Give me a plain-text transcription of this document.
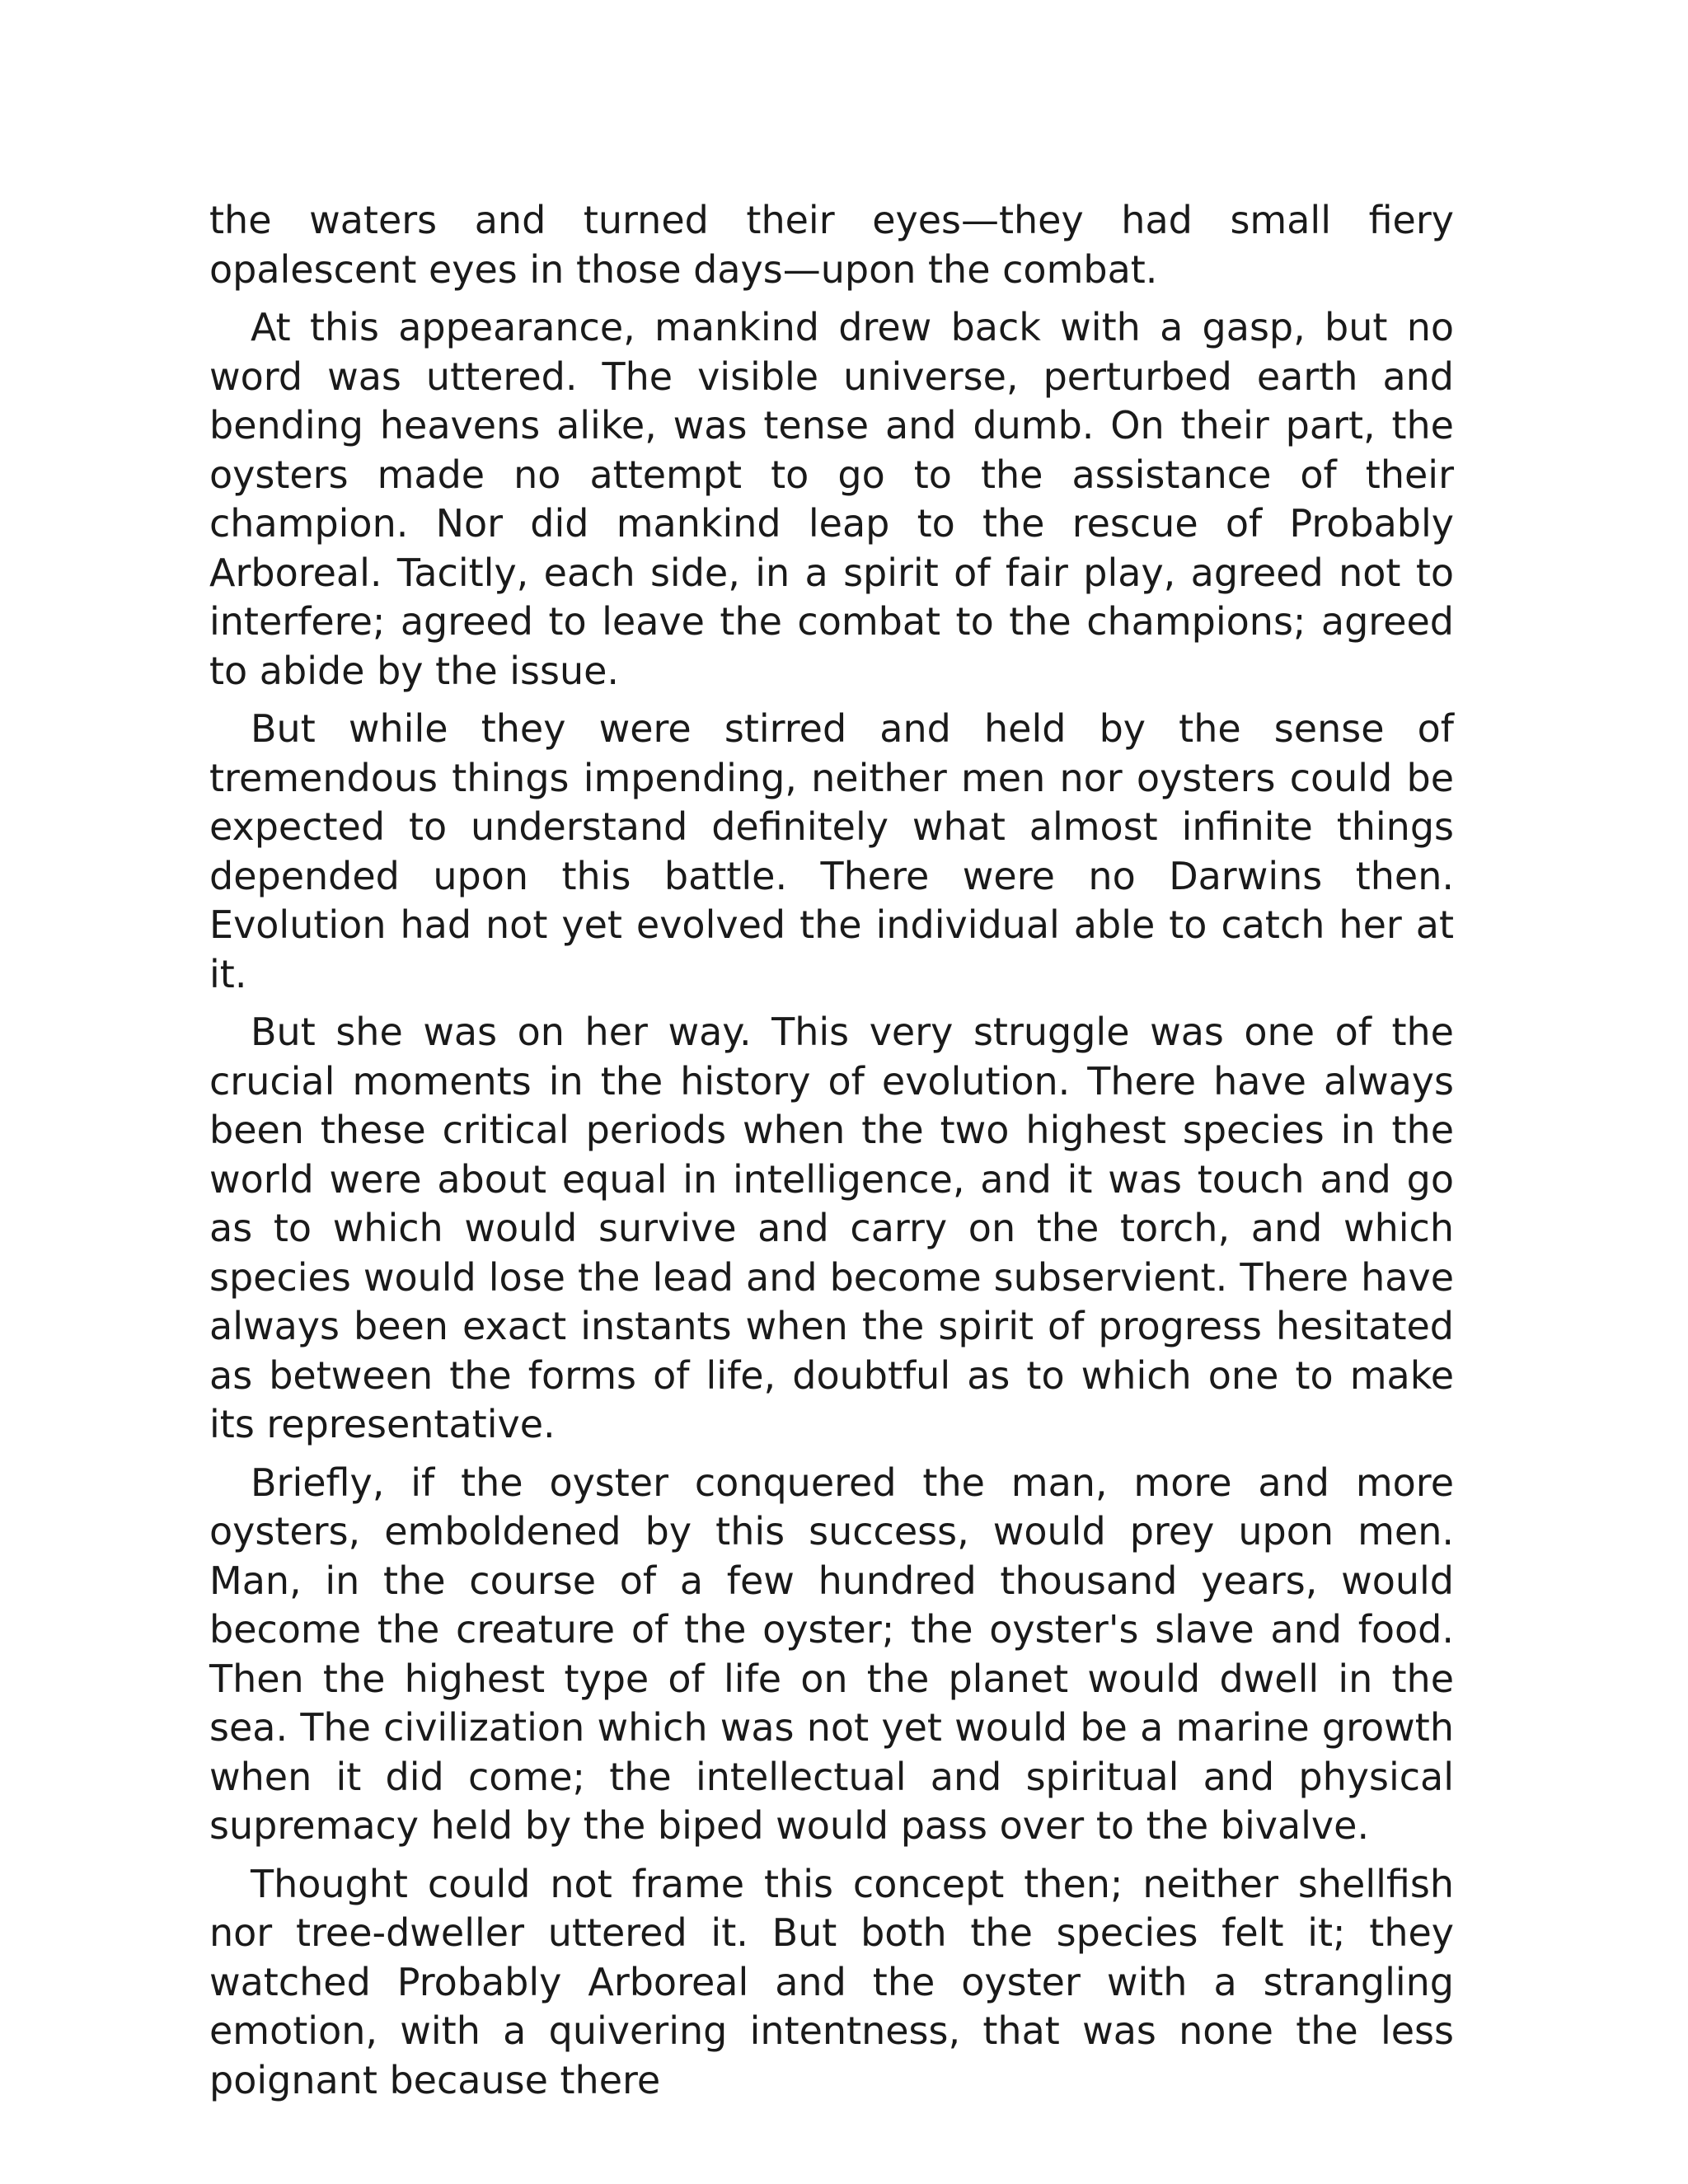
the waters and turned their eyes—they had small fiery opalescent eyes in those days—upon the combat.

At this appearance, mankind drew back with a gasp, but no word was uttered. The visible universe, perturbed earth and bending heavens alike, was tense and dumb. On their part, the oysters made no attempt to go to the assistance of their champion. Nor did mankind leap to the rescue of Probably Arboreal. Tacitly, each side, in a spirit of fair play, agreed not to interfere; agreed to leave the combat to the champions; agreed to abide by the issue.

But while they were stirred and held by the sense of tremendous things impending, neither men nor oysters could be expected to understand definitely what almost infinite things depended upon this battle. There were no Darwins then. Evolution had not yet evolved the individual able to catch her at it.

But she was on her way. This very struggle was one of the crucial moments in the history of evolution. There have always been these critical periods when the two highest species in the world were about equal in intelligence, and it was touch and go as to which would survive and carry on the torch, and which species would lose the lead and become subservient. There have always been exact instants when the spirit of progress hesitated as between the forms of life, doubtful as to which one to make its representative.

Briefly, if the oyster conquered the man, more and more oysters, emboldened by this success, would prey upon men. Man, in the course of a few hundred thousand years, would become the creature of the oyster; the oyster's slave and food. Then the highest type of life on the planet would dwell in the sea. The civilization which was not yet would be a marine growth when it did come; the intellectual and spiritual and physical supremacy held by the biped would pass over to the bivalve.

Thought could not frame this concept then; neither shellfish nor tree-dweller uttered it. But both the species felt it; they watched Probably Arboreal and the oyster with a strangling emotion, with a quivering intentness, that was none the less poignant because there
